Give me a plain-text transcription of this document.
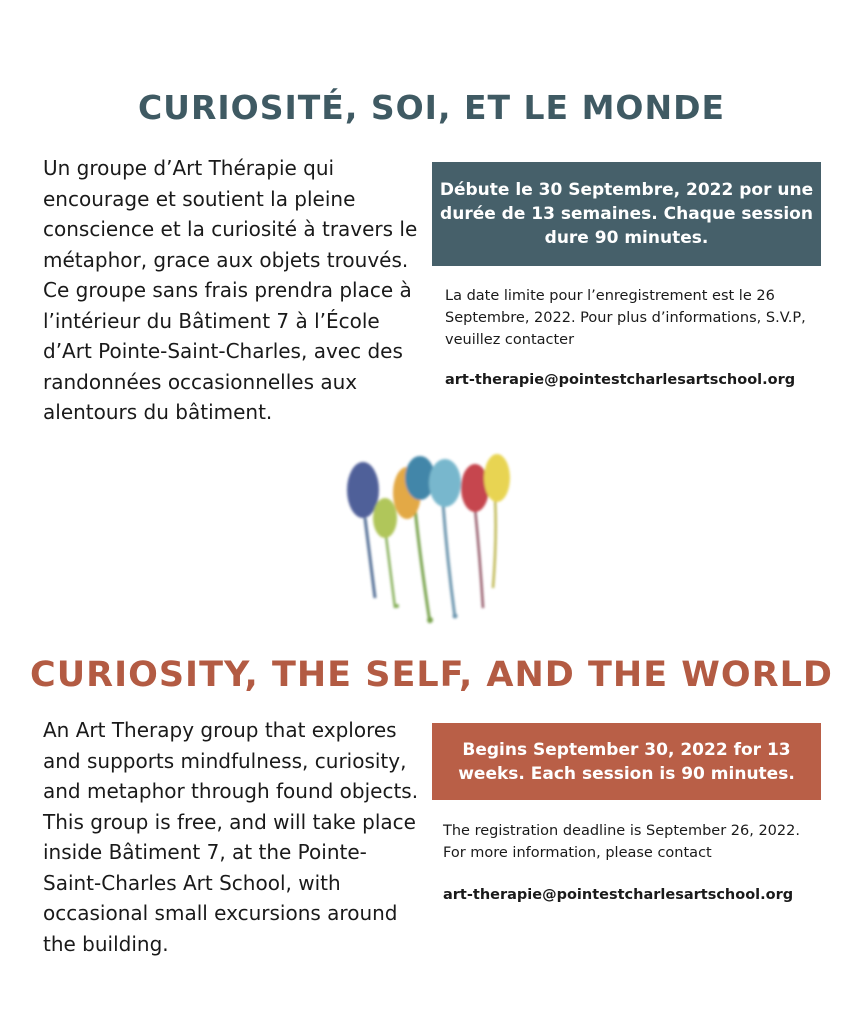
CURIOSITÉ, SOI, ET LE MONDE

Un groupe d’Art Thérapie qui encourage et soutient la pleine conscience et la curiosité à travers le métaphor, grace aux objets trouvés. Ce groupe sans frais prendra place à l’intérieur du Bâtiment 7 à l’École d’Art Pointe-Saint-Charles, avec des randonnées occasionnelles aux alentours du bâtiment.

Débute le 30 Septembre, 2022 por une durée de 13 semaines. Chaque session dure 90 minutes.

La date limite pour l’enregistrement est le 26 Septembre, 2022. Pour plus d’informations, S.V.P, veuillez contacter

art-therapie@pointestcharlesartschool.org

CURIOSITY, THE SELF, AND THE WORLD

An Art Therapy group that explores and supports mindfulness, curiosity, and metaphor through found objects. This group is free, and will take place inside Bâtiment 7, at the Pointe-Saint-Charles Art School, with occasional small excursions around the building.

Begins September 30, 2022 for 13 weeks. Each session is 90 minutes.

The registration deadline is September 26, 2022. For more information, please contact

art-therapie@pointestcharlesartschool.org
